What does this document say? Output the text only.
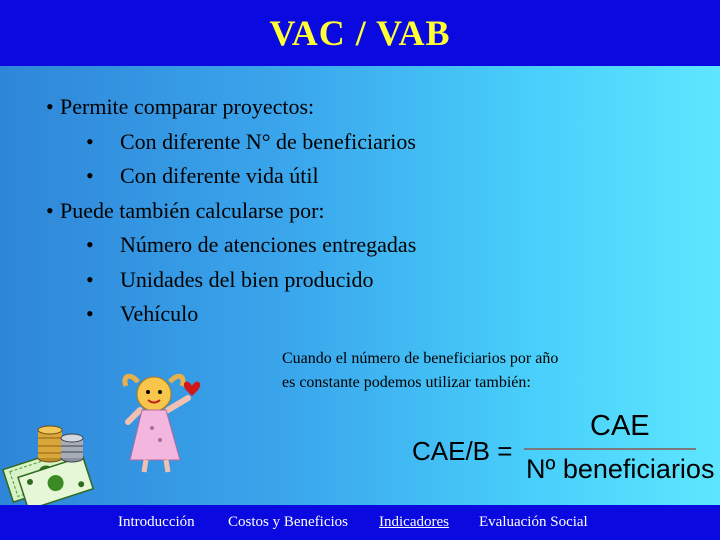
VAC / VAB
• Permite comparar proyectos:
•	Con diferente N° de beneficiarios
•	Con diferente vida útil
• Puede también calcularse por:
•	Número de atenciones entregadas
•	Unidades del bien producido
•	Vehículo
Cuando el número de beneficiarios por año
es constante podemos utilizar también:
CAE/B =
CAE
Nº beneficiarios
Introducción Costos y Beneficios Indicadores Evaluación Social
